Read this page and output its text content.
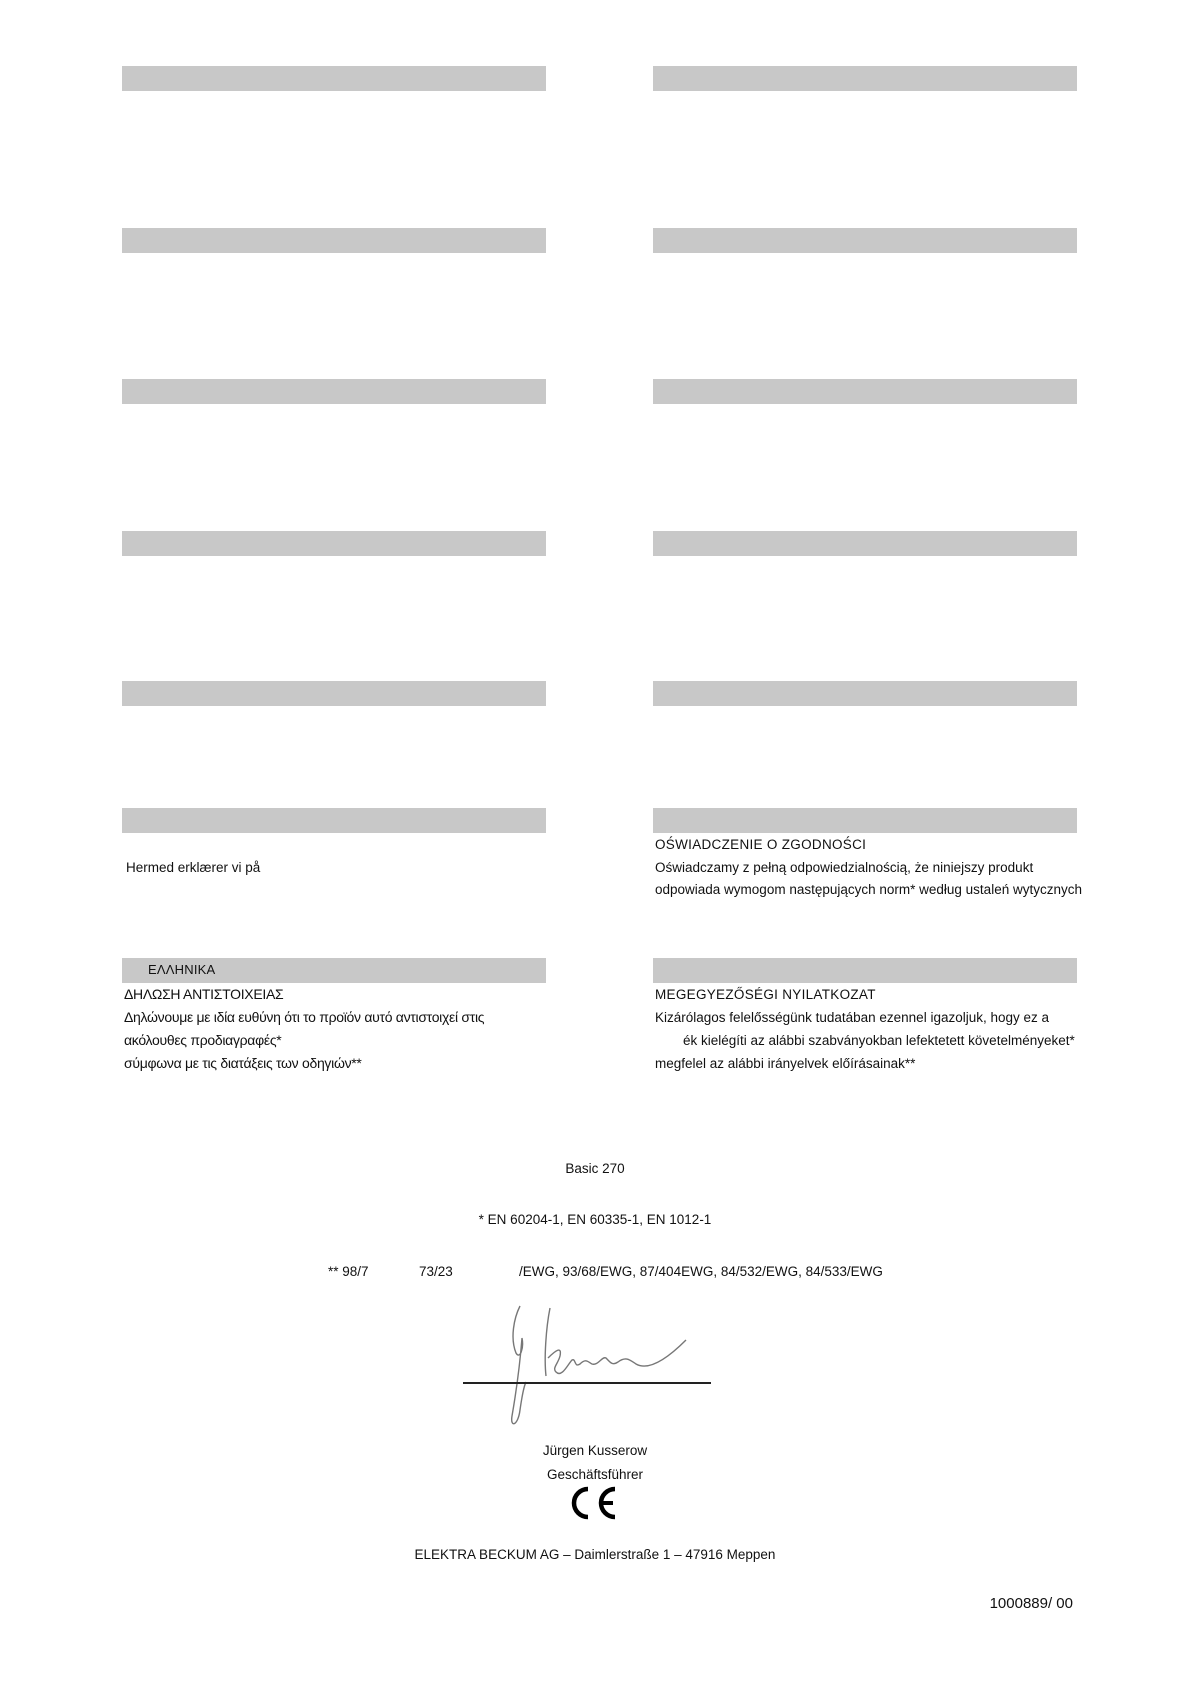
ΕΛΛΗΝΙΚΑ
Hermed erklærer vi på
OŚWIADCZENIE O ZGODNOŚCI
Oświadczamy z pełną odpowiedzialnością, że niniejszy produkt
odpowiada wymogom następujących norm* według ustaleń wytycznych
ΔΗΛΩΣΗ ΑΝΤΙΣΤΟΙΧΕΙΑΣ
Δηλώνουμε με ιδία ευθύνη ότι το προϊόν αυτό αντιστοιχεί στις
ακόλουθες προδιαγραφές*
σύμφωνα με τις διατάξεις των οδηγιών**
MEGEGYEZŐSÉGI NYILATKOZAT
Kizárólagos felelősségünk tudatában ezennel igazoljuk, hogy ez a
ék kielégíti az alábbi szabványokban lefektetett követelményeket*
megfelel az alábbi irányelvek előírásainak**
Basic 270
* EN 60204-1, EN 60335-1, EN 1012-1
** 98/7	73/23	/EWG, 93/68/EWG, 87/404EWG, 84/532/EWG, 84/533/EWG
Jürgen Kusserow
Geschäftsführer
ELEKTRA BECKUM AG – Daimlerstraße 1 – 47916 Meppen
1000889/ 00
